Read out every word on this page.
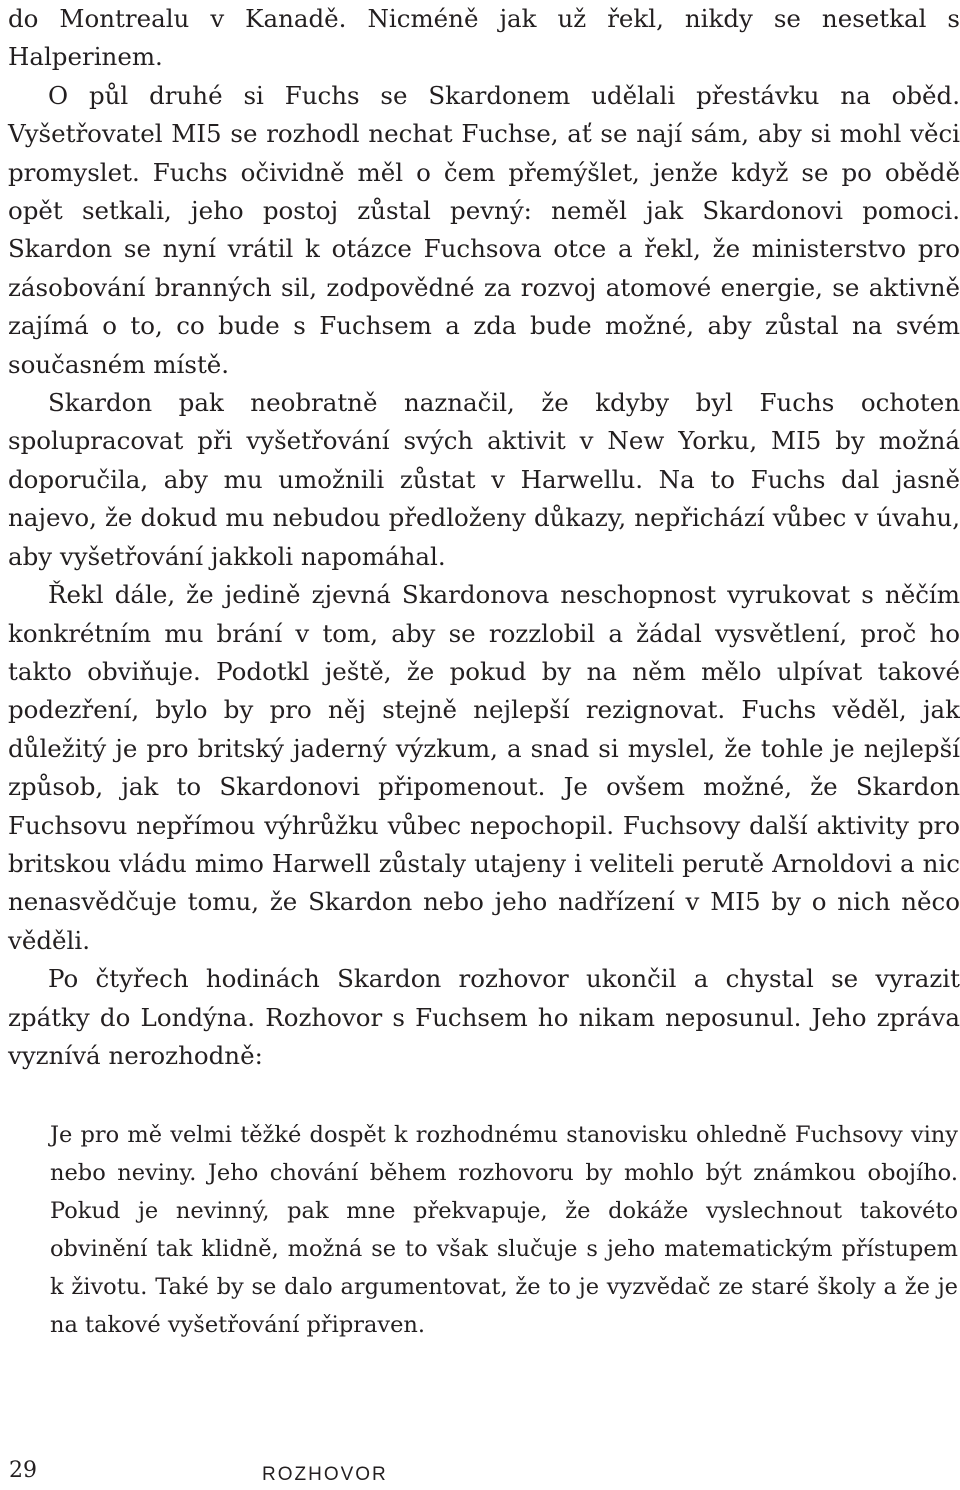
do Montrealu v Kanadě. Nicméně jak už řekl, nikdy se nesetkal s Halperinem.

O půl druhé si Fuchs se Skardonem udělali přestávku na oběd. Vyšetřovatel MI5 se rozhodl nechat Fuchse, ať se nají sám, aby si mohl věci promyslet. Fuchs očividně měl o čem přemýšlet, jenže když se po obědě opět setkali, jeho postoj zůstal pevný: neměl jak Skardonovi pomoci. Skardon se nyní vrátil k otázce Fuchsova otce a řekl, že ministerstvo pro zásobování branných sil, zodpovědné za rozvoj atomové energie, se aktivně zajímá o to, co bude s Fuchsem a zda bude možné, aby zůstal na svém současném místě.

Skardon pak neobratně naznačil, že kdyby byl Fuchs ochoten spolupracovat při vyšetřování svých aktivit v New Yorku, MI5 by možná doporučila, aby mu umožnili zůstat v Harwellu. Na to Fuchs dal jasně najevo, že dokud mu nebudou předloženy důkazy, nepřichází vůbec v úvahu, aby vyšetřování jakkoli napomáhal.

Řekl dále, že jedině zjevná Skardonova neschopnost vyrukovat s něčím konkrétním mu brání v tom, aby se rozzlobil a žádal vysvětlení, proč ho takto obviňuje. Podotkl ještě, že pokud by na něm mělo ulpívat takové podezření, bylo by pro něj stejně nejlepší rezignovat. Fuchs věděl, jak důležitý je pro britský jaderný výzkum, a snad si myslel, že tohle je nejlepší způsob, jak to Skardonovi připomenout. Je ovšem možné, že Skardon Fuchsovu nepřímou výhrůžku vůbec nepochopil. Fuchsovy další aktivity pro britskou vládu mimo Harwell zůstaly utajeny i veliteli perutě Arnoldovi a nic nenasvědčuje tomu, že Skardon nebo jeho nadřízení v MI5 by o nich něco věděli.

Po čtyřech hodinách Skardon rozhovor ukončil a chystal se vyrazit zpátky do Londýna. Rozhovor s Fuchsem ho nikam neposunul. Jeho zpráva vyznívá nerozhodně:

Je pro mě velmi těžké dospět k rozhodnému stanovisku ohledně Fuchsovy viny nebo neviny. Jeho chování během rozhovoru by mohlo být známkou obojího. Pokud je nevinný, pak mne překvapuje, že dokáže vyslechnout takovéto obvinění tak klidně, možná se to však slučuje s jeho matematickým přístupem k životu. Také by se dalo argumentovat, že to je vyzvědač ze staré školy a že je na takové vyšetřování připraven.

29	ROZHOVOR
